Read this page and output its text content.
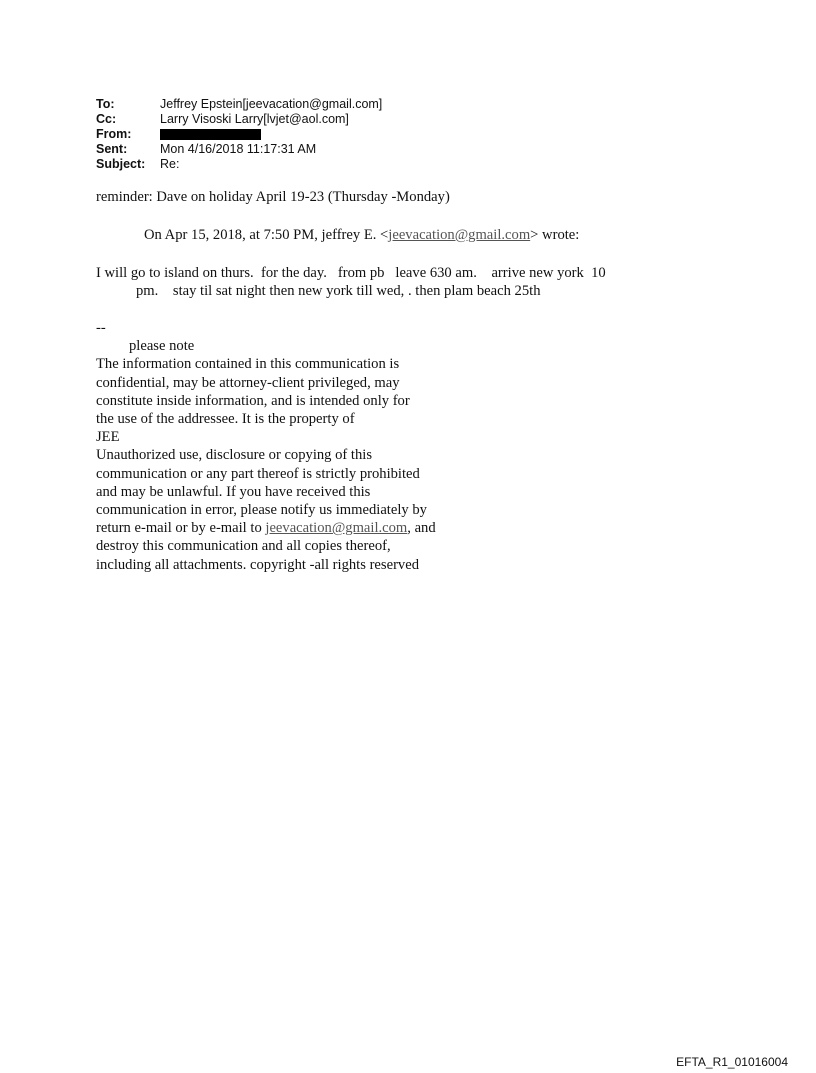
To:	Jeffrey Epstein[jeevacation@gmail.com]
Cc:	Larry Visoski Larry[lvjet@aol.com]
From:
Sent:	Mon 4/16/2018 11:17:31 AM
Subject:	Re:
reminder: Dave on holiday April 19-23 (Thursday -Monday)
On Apr 15, 2018, at 7:50 PM, jeffrey E. <jeevacation@gmail.com> wrote:
I will go to island on thurs.  for the day.   from pb   leave 630 am.    arrive new york  10
pm.    stay til sat night then new york till wed, . then plam beach 25th
--
please note
The information contained in this communication is
confidential, may be attorney-client privileged, may
constitute inside information, and is intended only for
the use of the addressee. It is the property of
JEE
Unauthorized use, disclosure or copying of this
communication or any part thereof is strictly prohibited
and may be unlawful. If you have received this
communication in error, please notify us immediately by
return e-mail or by e-mail to jeevacation@gmail.com, and
destroy this communication and all copies thereof,
including all attachments. copyright -all rights reserved
EFTA_R1_01016004
